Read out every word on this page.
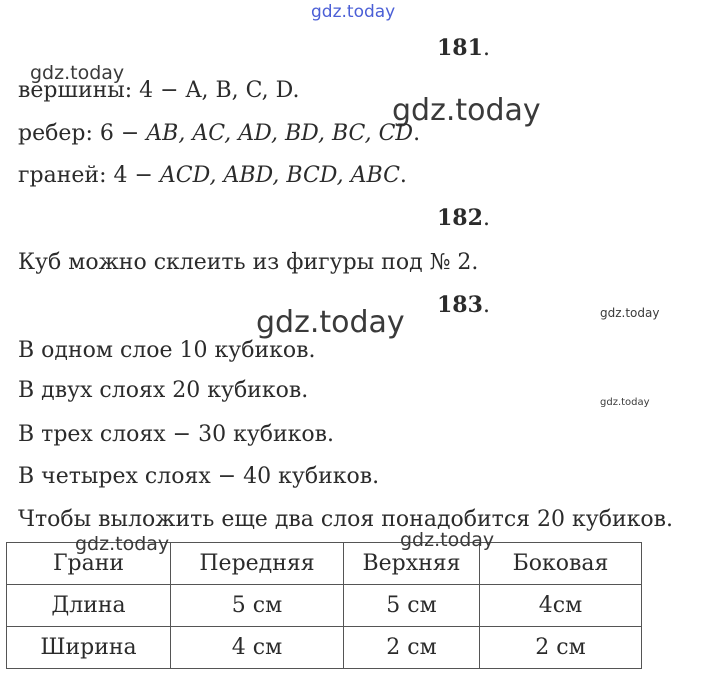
gdz.today
gdz.today
gdz.today
gdz.today	gdz.today
gdz.today
181.
вершины: 4 − A, B, C, D.
ребер: 6 − AB, AC, AD, BD, BC, CD.
граней: 4 − ACD, ABD, BCD, ABC.
182.
Куб можно склеить из фигуры под № 2.
183.
В одном слое 10 кубиков.
В двух слоях 20 кубиков.
В трех слоях − 30 кубиков.
В четырех слоях − 40 кубиков.
Чтобы выложить еще два слоя понадобится 20 кубиков.
Грани	Передняя	Верхняя	Боковая
Длина	5 см	5 см	4см
Ширина	4 см	2 см	2 см
gdz.today	gdz.today
